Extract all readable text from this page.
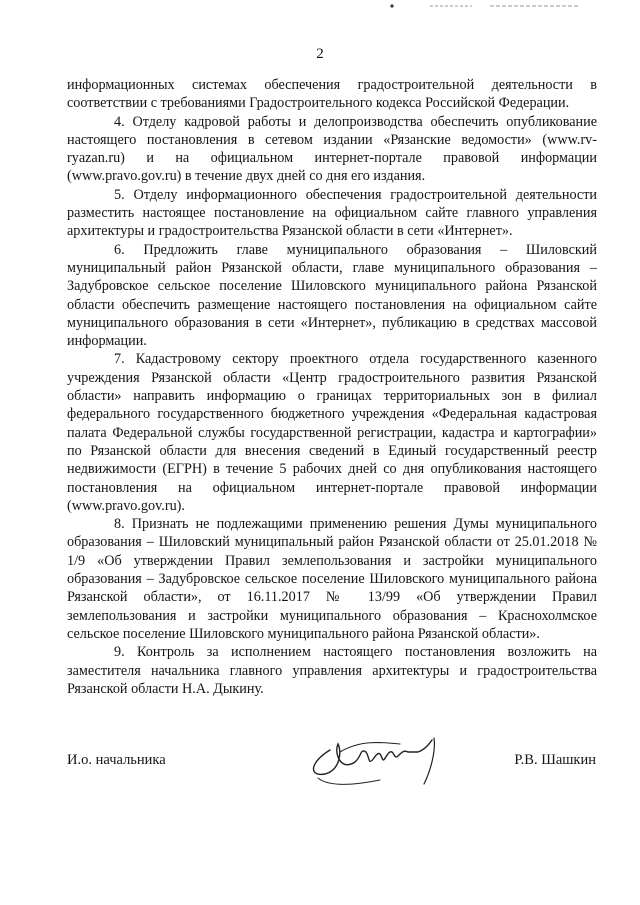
2

информационных системах обеспечения градостроительной деятельности в соответствии с требованиями Градостроительного кодекса Российской Федерации.

4. Отделу кадровой работы и делопроизводства обеспечить опубликование настоящего постановления в сетевом издании «Рязанские ведомости» (www.rv-ryazan.ru) и на официальном интернет-портале правовой информации (www.pravo.gov.ru) в течение двух дней со дня его издания.

5. Отделу информационного обеспечения градостроительной деятельности разместить настоящее постановление на официальном сайте главного управления архитектуры и градостроительства Рязанской области в сети «Интернет».

6. Предложить главе муниципального образования – Шиловский муниципальный район Рязанской области, главе муниципального образования – Задубровское сельское поселение Шиловского муниципального района Рязанской области обеспечить размещение настоящего постановления на официальном сайте муниципального образования в сети «Интернет», публикацию в средствах массовой информации.

7. Кадастровому сектору проектного отдела государственного казенного учреждения Рязанской области «Центр градостроительного развития Рязанской области» направить информацию о границах территориальных зон в филиал федерального государственного бюджетного учреждения «Федеральная кадастровая палата Федеральной службы государственной регистрации, кадастра и картографии» по Рязанской области для внесения сведений в Единый государственный реестр недвижимости (ЕГРН) в течение 5 рабочих дней со дня опубликования настоящего постановления на официальном интернет-портале правовой информации (www.pravo.gov.ru).

8. Признать не подлежащими применению решения Думы муниципального образования – Шиловский муниципальный район Рязанской области от 25.01.2018 № 1/9 «Об утверждении Правил землепользования и застройки муниципального образования – Задубровское сельское поселение Шиловского муниципального района Рязанской области», от 16.11.2017 № 13/99 «Об утверждении Правил землепользования и застройки муниципального образования – Краснохолмское сельское поселение Шиловского муниципального района Рязанской области».

9. Контроль за исполнением настоящего постановления возложить на заместителя начальника главного управления архитектуры и градостроительства Рязанской области Н.А. Дыкину.

И.о. начальника	Р.В. Шашкин
